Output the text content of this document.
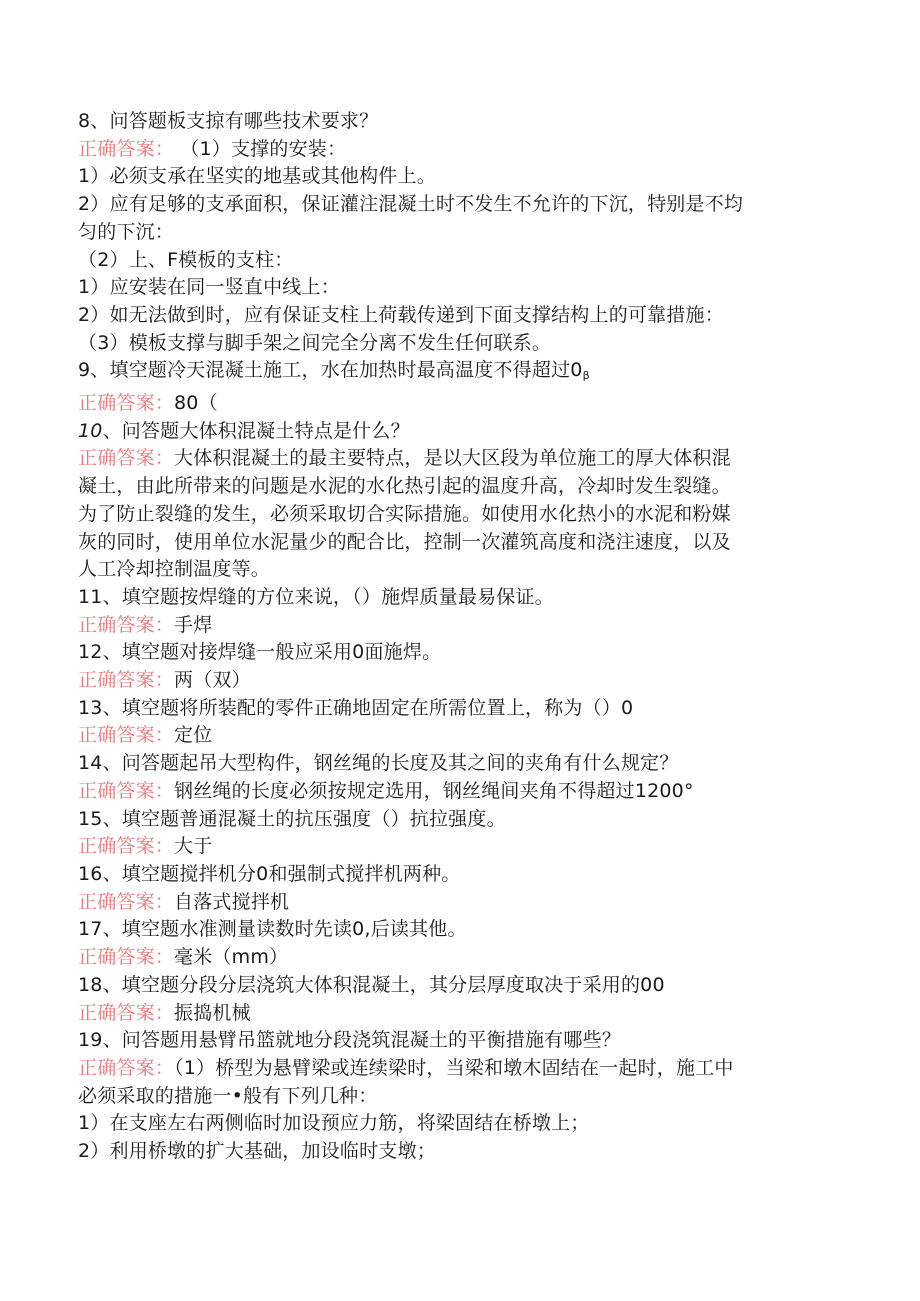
8、问答题板支掠有哪些技术要求？
正确答案： （1）支撑的安装：
1）必须支承在坚实的地基或其他构件上。
2）应有足够的支承面积，保证灌注混凝土时不发生不允许的下沉，特别是不均
匀的下沉：
（2）上、F模板的支柱：
1）应安装在同一竖直中线上：
2）如无法做到时，应有保证支柱上荷载传递到下面支撑结构上的可靠措施：
（3）模板支撑与脚手架之间完全分离不发生任何联系。
9、填空题冷天混凝土施工，水在加热时最高温度不得超过$0_\beta$
正确答案：80（
10、问答题大体积混凝土特点是什么？
正确答案：大体积混凝土的最主要特点，是以大区段为单位施工的厚大体积混
凝土，由此所带来的问题是水泥的水化热引起的温度升高，冷却时发生裂缝。
为了防止裂缝的发生，必须采取切合实际措施。如使用水化热小的水泥和粉媒
灰的同时，使用单位水泥量少的配合比，控制一次灌筑高度和浇注速度，以及
人工冷却控制温度等。
11、填空题按焊缝的方位来说，（）施焊质量最易保证。
正确答案：手焊
12、填空题对接焊缝一般应采用0面施焊。
正确答案：两（双）
13、填空题将所装配的零件正确地固定在所需位置上，称为（）0
正确答案：定位
14、问答题起吊大型构件，钢丝绳的长度及其之间的夹角有什么规定？
正确答案：钢丝绳的长度必须按规定选用，钢丝绳间夹角不得超过1200°
15、填空题普通混凝土的抗压强度（）抗拉强度。
正确答案：大于
16、填空题搅拌机分0和强制式搅拌机两种。
正确答案：自落式搅拌机
17、填空题水准测量读数时先读0,后读其他。
正确答案：毫米（mm）
18、填空题分段分层浇筑大体积混凝土，其分层厚度取决于采用的00
正确答案：振捣机械
19、问答题用悬臂吊篮就地分段浇筑混凝土的平衡措施有哪些？
正确答案：（1）桥型为悬臂梁或连续梁时，当梁和墩木固结在一起时，施工中
必须采取的措施一•般有下列几种：
1）在支座左右两侧临时加设预应力筋，将梁固结在桥墩上；
2）利用桥墩的扩大基础，加设临时支墩；
